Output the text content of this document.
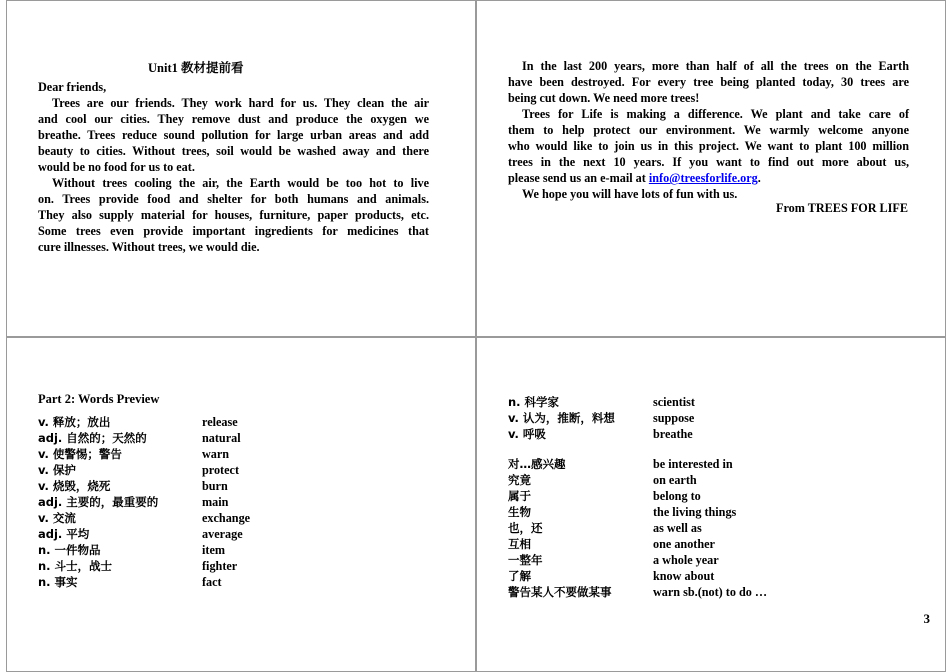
Unit1 教材提前看
Dear friends,
Trees are our friends. They work hard for us. They clean the air
and cool our cities. They remove dust and produce the oxygen we
breathe. Trees reduce sound pollution for large urban areas and add
beauty to cities. Without trees, soil would be washed away and there
would be no food for us to eat.
Without trees cooling the air, the Earth would be too hot to live
on. Trees provide food and shelter for both humans and animals.
They also supply material for houses, furniture, paper products, etc.
Some trees even provide important ingredients for medicines that
cure illnesses. Without trees, we would die.
In the last 200 years, more than half of all the trees on the Earth
have been destroyed. For every tree being planted today, 30 trees are
being cut down. We need more trees!
Trees for Life is making a difference. We plant and take care of
them to help protect our environment. We warmly welcome anyone
who would like to join us in this project. We want to plant 100 million
trees in the next 10 years. If you want to find out more about us,
please send us an e-mail at info@treesforlife.org.
We hope you will have lots of fun with us.
From TREES FOR LIFE
Part 2: Words Preview
v. 释放；放出
adj. 自然的；天然的
v. 使警惕；警告
v. 保护
v. 烧毁，烧死
adj. 主要的，最重要的
v. 交流
adj. 平均
n. 一件物品
n. 斗士，战士
n. 事实
release
natural
warn
protect
burn
main
exchange
average
item
fighter
fact
n. 科学家
v. 认为，推断，料想
v. 呼吸
对…感兴趣
究竟
属于
生物
也，还
互相
一整年
了解
警告某人不要做某事
scientist
suppose
breathe
be interested in
on earth
belong to
the living things
as well as
one another
a whole year
know about
warn sb.(not) to do …
3
